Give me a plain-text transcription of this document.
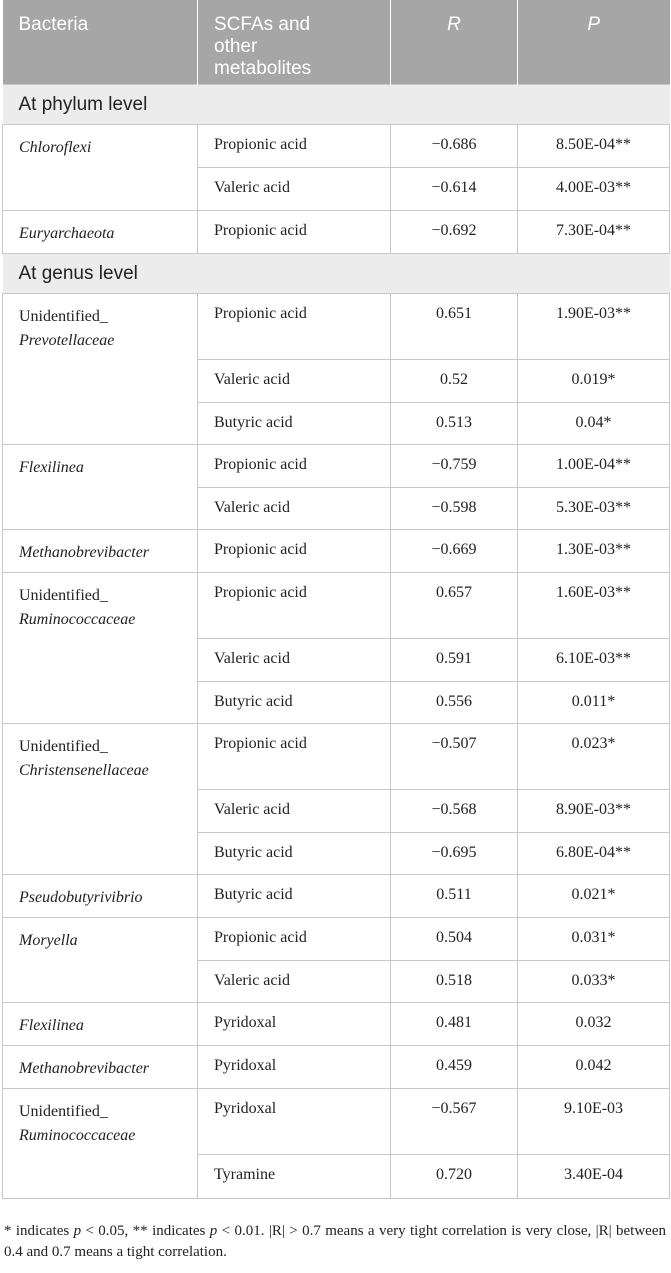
Bacteria	SCFAs and
other
metabolites	R	P
At phylum level			
Chloroflexi	Propionic acid	−0.686	8.50E-04**
	Valeric acid	−0.614	4.00E-03**
Euryarchaeota	Propionic acid	−0.692	7.30E-04**
At genus level			
Unidentified_
Prevotellaceae	Propionic acid	0.651	1.90E-03**
	Valeric acid	0.52	0.019*
	Butyric acid	0.513	0.04*
Flexilinea	Propionic acid	−0.759	1.00E-04**
	Valeric acid	−0.598	5.30E-03**
Methanobrevibacter	Propionic acid	−0.669	1.30E-03**
Unidentified_
Ruminococcaceae	Propionic acid	0.657	1.60E-03**
	Valeric acid	0.591	6.10E-03**
	Butyric acid	0.556	0.011*
Unidentified_
Christensenellaceae	Propionic acid	−0.507	0.023*
	Valeric acid	−0.568	8.90E-03**
	Butyric acid	−0.695	6.80E-04**
Pseudobutyrivibrio	Butyric acid	0.511	0.021*
Moryella	Propionic acid	0.504	0.031*
	Valeric acid	0.518	0.033*
Flexilinea	Pyridoxal	0.481	0.032
Methanobrevibacter	Pyridoxal	0.459	0.042
Unidentified_
Ruminococcaceae	Pyridoxal	−0.567	9.10E-03
	Tyramine	0.720	3.40E-04
* indicates p < 0.05, ** indicates p < 0.01. |R| > 0.7 means a very tight correlation is very close, |R| between 0.4 and 0.7 means a tight correlation.
